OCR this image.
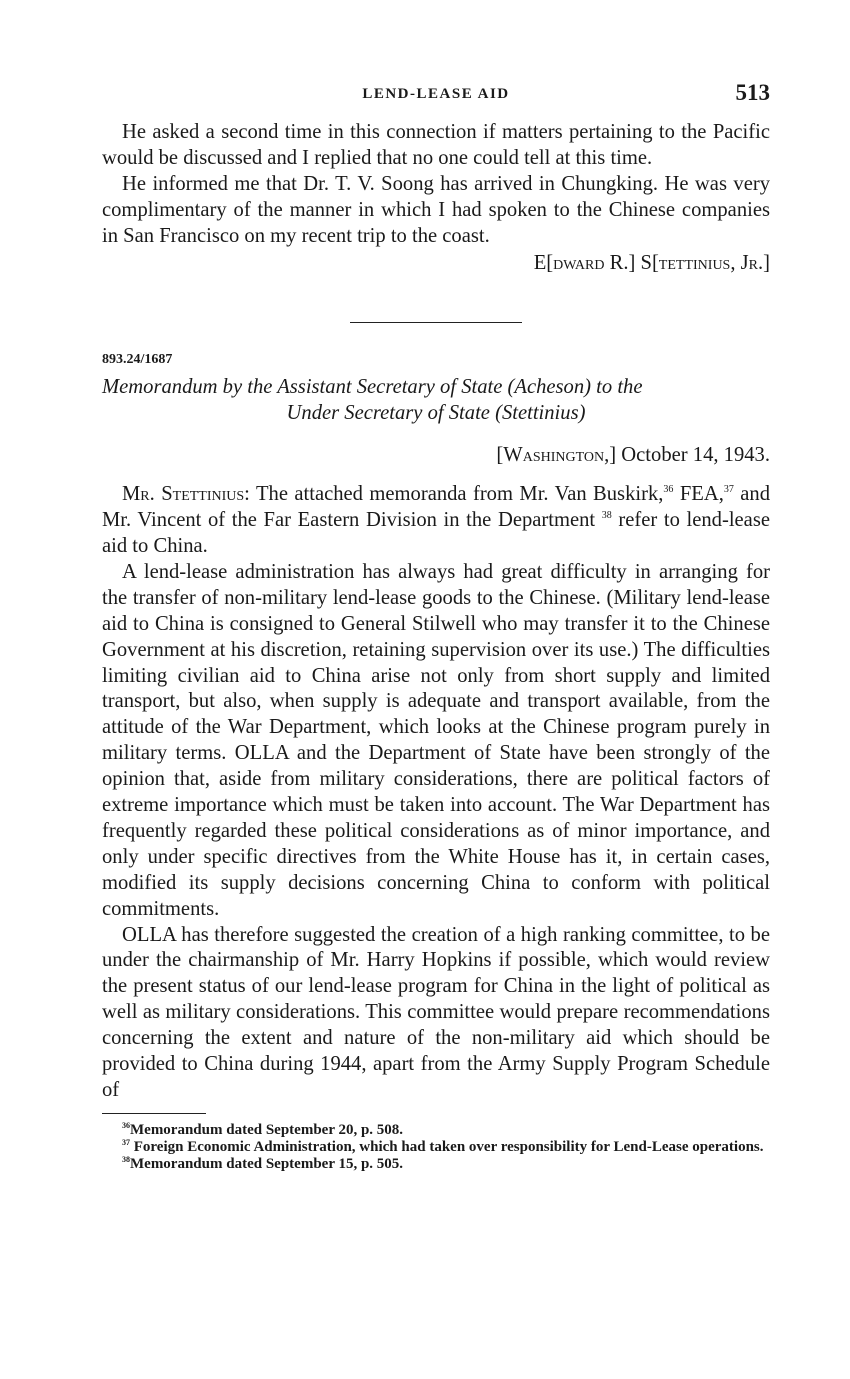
LEND-LEASE AID	513

He asked a second time in this connection if matters pertaining to the Pacific would be discussed and I replied that no one could tell at this time.

He informed me that Dr. T. V. Soong has arrived in Chungking. He was very complimentary of the manner in which I had spoken to the Chinese companies in San Francisco on my recent trip to the coast.

E[dward R.] S[tettinius, Jr.]
893.24/1687
Memorandum by the Assistant Secretary of State (Acheson) to the
Under Secretary of State (Stettinius)
[Washington,] October 14, 1943.

Mr. Stettinius: The attached memoranda from Mr. Van Buskirk,$^{36}$ FEA,$^{37}$ and Mr. Vincent of the Far Eastern Division in the Department $^{38}$ refer to lend-lease aid to China.

A lend-lease administration has always had great difficulty in arranging for the transfer of non-military lend-lease goods to the Chinese. (Military lend-lease aid to China is consigned to General Stilwell who may transfer it to the Chinese Government at his discretion, retaining supervision over its use.) The difficulties limiting civilian aid to China arise not only from short supply and limited transport, but also, when supply is adequate and transport available, from the attitude of the War Department, which looks at the Chinese program purely in military terms. OLLA and the Department of State have been strongly of the opinion that, aside from military considerations, there are political factors of extreme importance which must be taken into account. The War Department has frequently regarded these political considerations as of minor importance, and only under specific directives from the White House has it, in certain cases, modified its supply decisions concerning China to conform with political commitments.

OLLA has therefore suggested the creation of a high ranking committee, to be under the chairmanship of Mr. Harry Hopkins if possible, which would review the present status of our lend-lease program for China in the light of political as well as military considerations. This committee would prepare recommendations concerning the extent and nature of the non-military aid which should be provided to China during 1944, apart from the Army Supply Program Schedule of

$^{36}$Memorandum dated September 20, p. 508.

$^{37}$ Foreign Economic Administration, which had taken over responsibility for Lend-Lease operations.

$^{38}$Memorandum dated September 15, p. 505.
